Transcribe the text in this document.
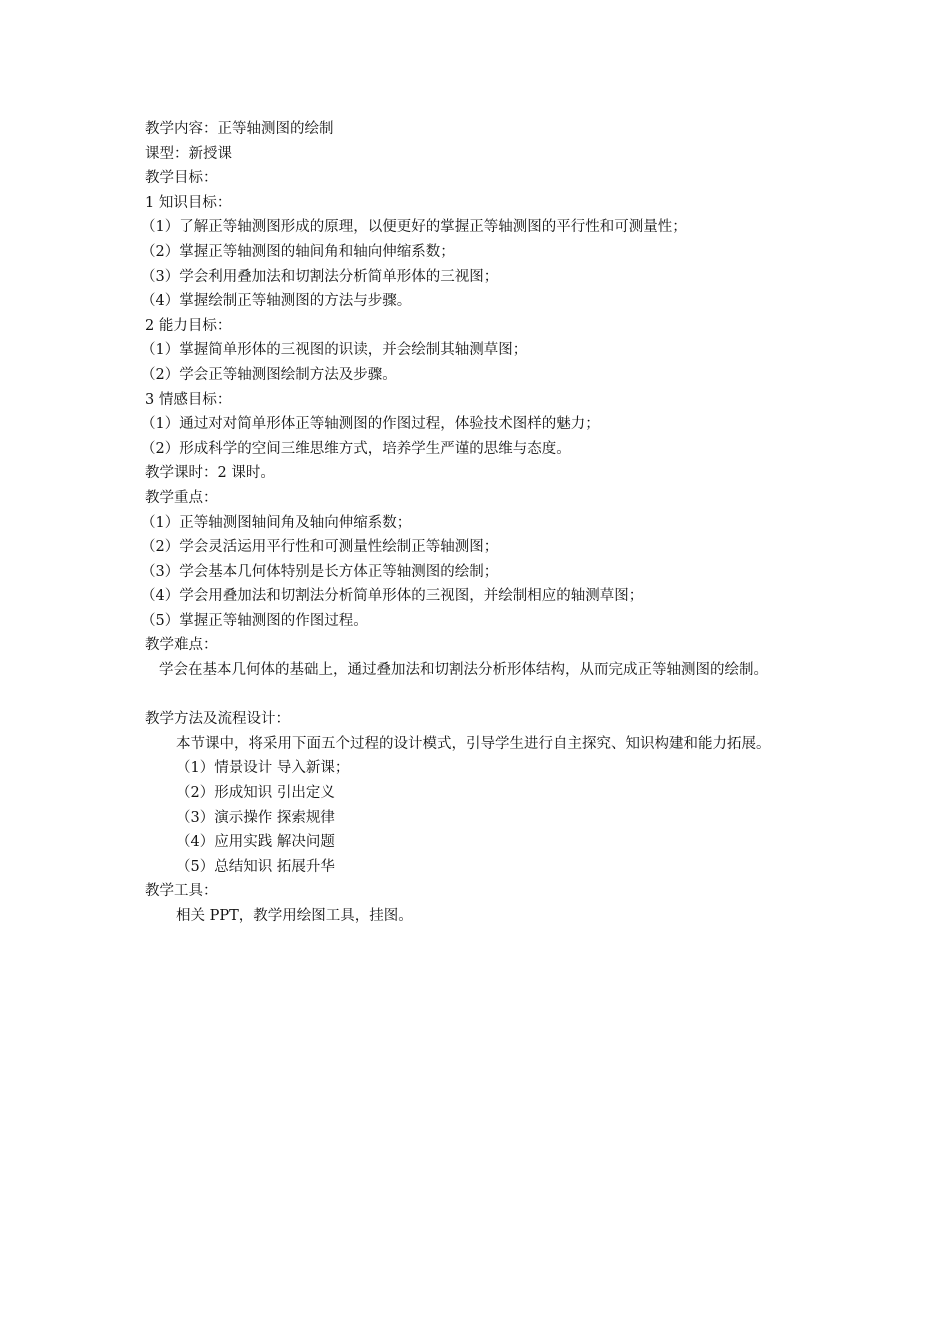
教学内容：正等轴测图的绘制
课型：新授课
教学目标：
1 知识目标：
（1）了解正等轴测图形成的原理，以便更好的掌握正等轴测图的平行性和可测量性；
（2）掌握正等轴测图的轴间角和轴向伸缩系数；
（3）学会利用叠加法和切割法分析简单形体的三视图；
（4）掌握绘制正等轴测图的方法与步骤。
2 能力目标：
（1）掌握简单形体的三视图的识读，并会绘制其轴测草图；
（2）学会正等轴测图绘制方法及步骤。
3 情感目标：
（1）通过对对简单形体正等轴测图的作图过程，体验技术图样的魅力；
（2）形成科学的空间三维思维方式，培养学生严谨的思维与态度。
教学课时：2 课时。
教学重点：
（1）正等轴测图轴间角及轴向伸缩系数；
（2）学会灵活运用平行性和可测量性绘制正等轴测图；
（3）学会基本几何体特别是长方体正等轴测图的绘制；
（4）学会用叠加法和切割法分析简单形体的三视图，并绘制相应的轴测草图；
（5）掌握正等轴测图的作图过程。
教学难点：
学会在基本几何体的基础上，通过叠加法和切割法分析形体结构，从而完成正等轴测图的绘制。
教学方法及流程设计：
本节课中，将采用下面五个过程的设计模式，引导学生进行自主探究、知识构建和能力拓展。
（1）情景设计 导入新课；
（2）形成知识 引出定义
（3）演示操作 探索规律
（4）应用实践 解决问题
（5）总结知识 拓展升华
教学工具：
相关 PPT，教学用绘图工具，挂图。
